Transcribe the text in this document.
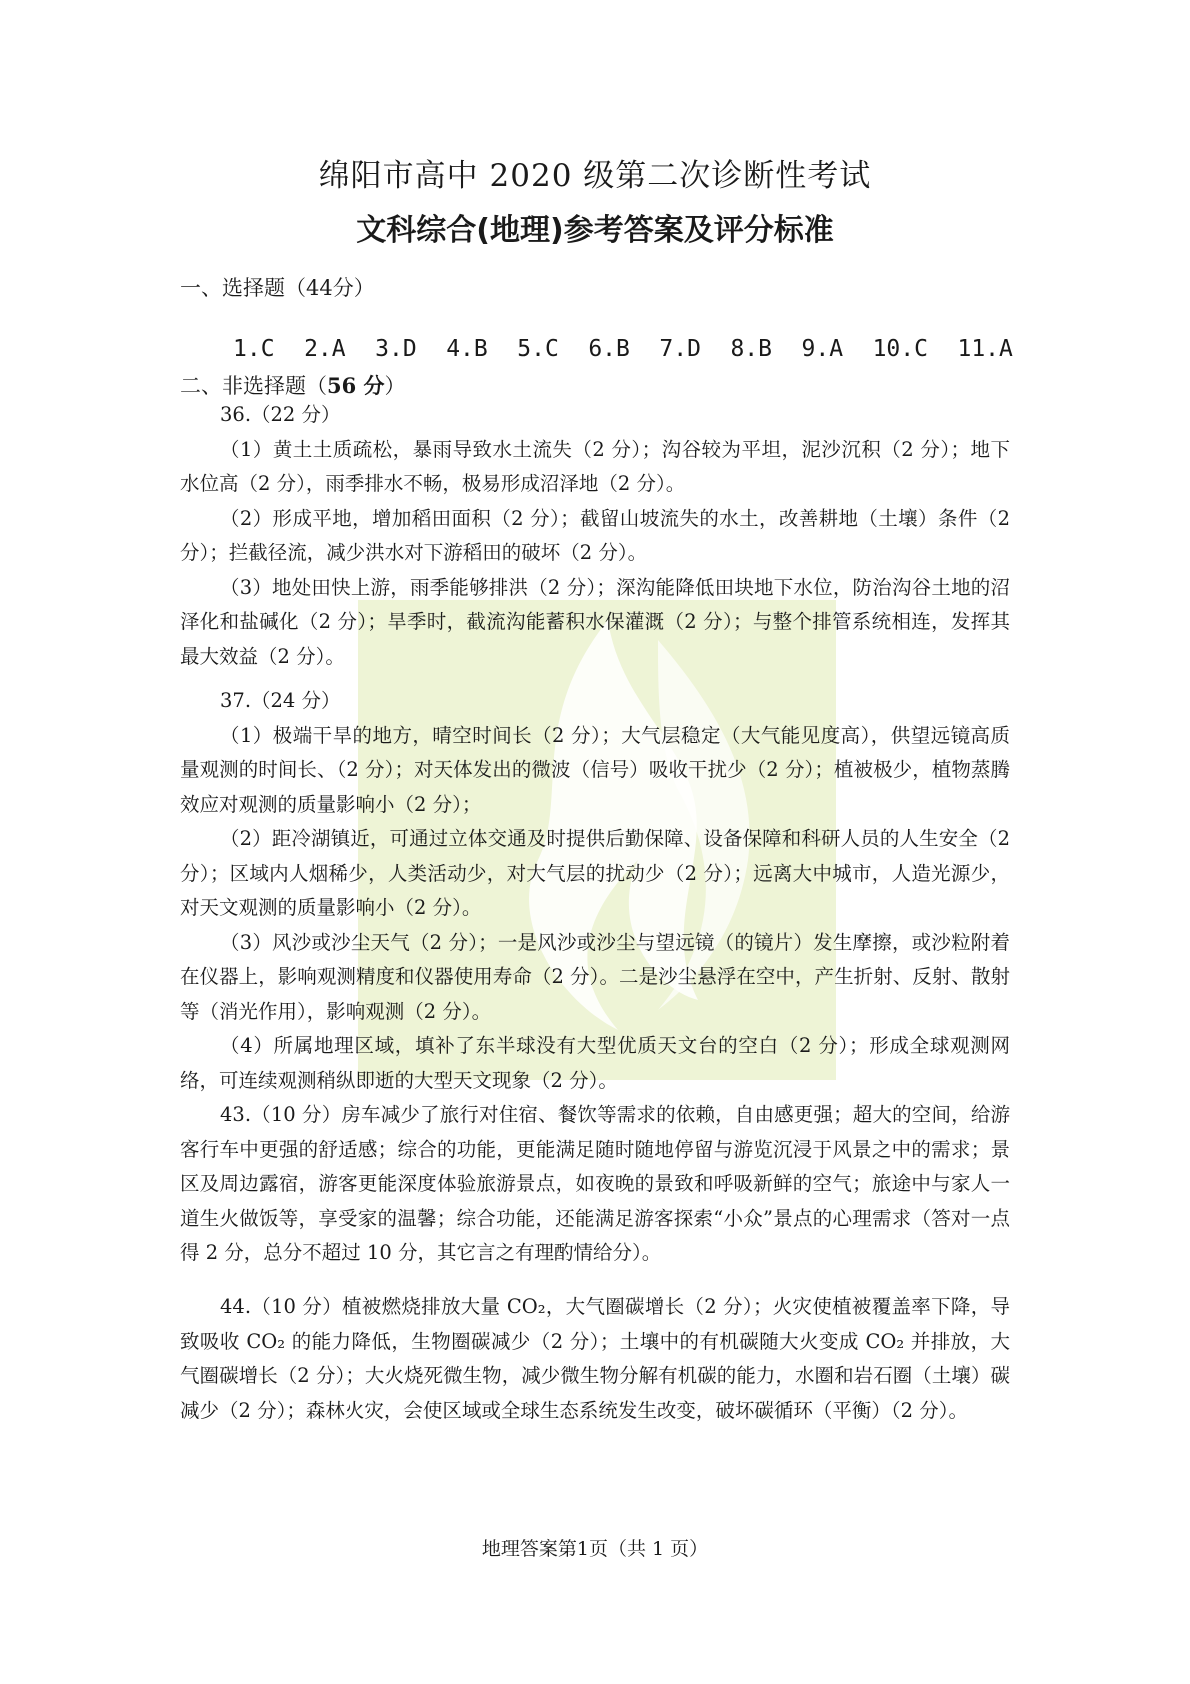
绵阳市高中 2020 级第二次诊断性考试
文科综合(地理)参考答案及评分标准
一、选择题（44分）
1.C 2.A 3.D 4.B 5.C 6.B 7.D 8.B 9.A 10.C 11.A
二、非选择题（56 分）

36.（22 分）

（1）黄土土质疏松，暴雨导致水土流失（2 分）；沟谷较为平坦，泥沙沉积（2 分）；地下水位高（2 分），雨季排水不畅，极易形成沼泽地（2 分）。

（2）形成平地，增加稻田面积（2 分）；截留山坡流失的水土，改善耕地（土壤）条件（2 分）；拦截径流，减少洪水对下游稻田的破坏（2 分）。

（3）地处田快上游，雨季能够排洪（2 分）；深沟能降低田块地下水位，防治沟谷土地的沼泽化和盐碱化（2 分）；旱季时，截流沟能蓄积水保灌溉（2 分）；与整个排管系统相连，发挥其最大效益（2 分）。

37.（24 分）

（1）极端干旱的地方，晴空时间长（2 分）；大气层稳定（大气能见度高），供望远镜高质量观测的时间长、（2 分）；对天体发出的微波（信号）吸收干扰少（2 分）；植被极少，植物蒸腾效应对观测的质量影响小（2 分）；

（2）距冷湖镇近，可通过立体交通及时提供后勤保障、设备保障和科研人员的人生安全（2 分）；区域内人烟稀少，人类活动少，对大气层的扰动少（2 分）；远离大中城市，人造光源少，对天文观测的质量影响小（2 分）。

（3）风沙或沙尘天气（2 分）；一是风沙或沙尘与望远镜（的镜片）发生摩擦，或沙粒附着在仪器上，影响观测精度和仪器使用寿命（2 分）。二是沙尘悬浮在空中，产生折射、反射、散射等（消光作用），影响观测（2 分）。

（4）所属地理区域，填补了东半球没有大型优质天文台的空白（2 分）；形成全球观测网络，可连续观测稍纵即逝的大型天文现象（2 分）。

43.（10 分）房车减少了旅行对住宿、餐饮等需求的依赖，自由感更强；超大的空间，给游客行车中更强的舒适感；综合的功能，更能满足随时随地停留与游览沉浸于风景之中的需求；景区及周边露宿，游客更能深度体验旅游景点，如夜晚的景致和呼吸新鲜的空气；旅途中与家人一道生火做饭等，享受家的温馨；综合功能，还能满足游客探索“小众”景点的心理需求（答对一点得 2 分，总分不超过 10 分，其它言之有理酌情给分）。

44.（10 分）植被燃烧排放大量 CO₂，大气圈碳增长（2 分）；火灾使植被覆盖率下降，导致吸收 CO₂ 的能力降低，生物圈碳减少（2 分）；土壤中的有机碳随大火变成 CO₂ 并排放，大气圈碳增长（2 分）；大火烧死微生物，减少微生物分解有机碳的能力，水圈和岩石圈（土壤）碳减少（2 分）；森林火灾，会使区域或全球生态系统发生改变，破坏碳循环（平衡）（2 分）。

地理答案第1页（共 1 页）
